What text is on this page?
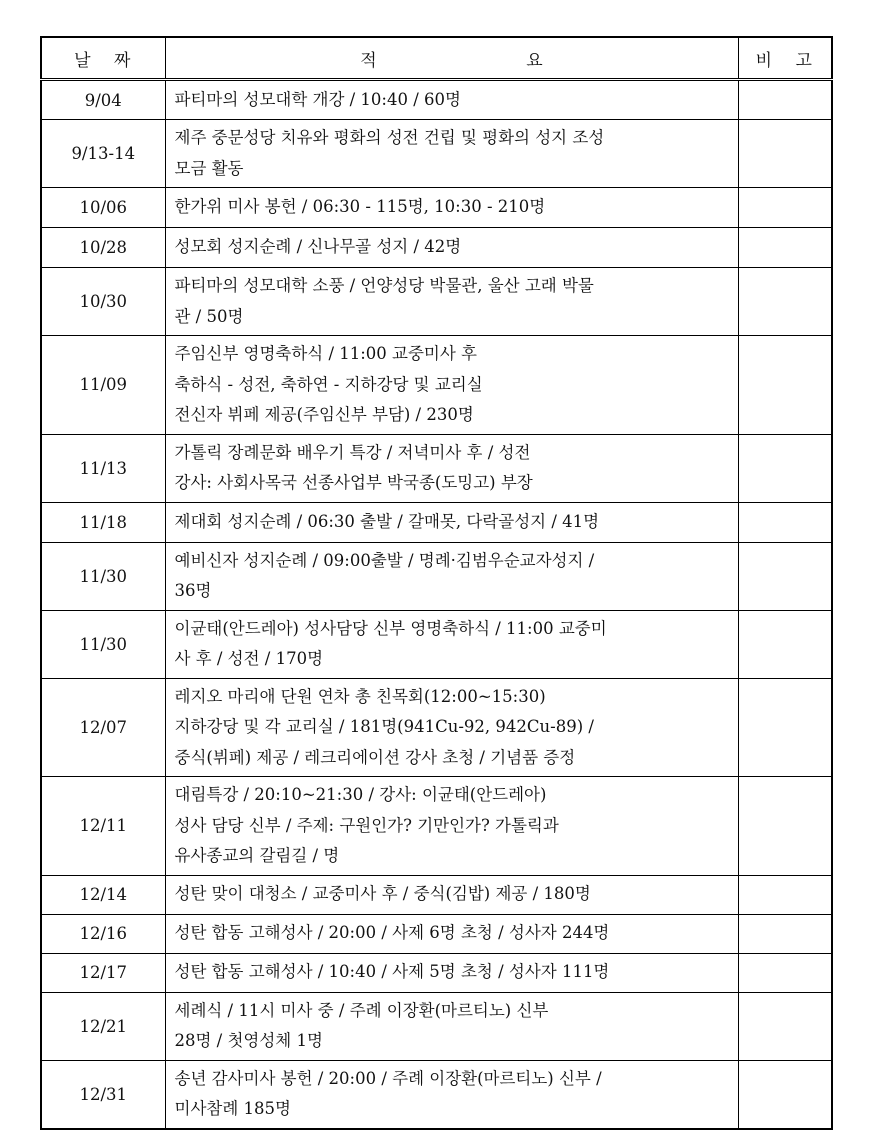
날 짜	적 요	비 고
9/04	파티마의 성모대학 개강 / 10:40 / 60명	

9/13-14	제주 중문성당 치유와 평화의 성전 건립 및 평화의 성지 조성
모금 활동	

10/06	한가위 미사 봉헌 / 06:30 - 115명, 10:30 - 210명	

10/28	성모회 성지순례 / 신나무골 성지 / 42명	

10/30	파티마의 성모대학 소풍 / 언양성당 박물관, 울산 고래 박물
관 / 50명	

11/09	주임신부 영명축하식 / 11:00 교중미사 후
축하식 - 성전, 축하연 - 지하강당 및 교리실
전신자 뷔페 제공(주임신부 부담) / 230명	

11/13	가톨릭 장례문화 배우기 특강 / 저녁미사 후 / 성전
강사: 사회사목국 선종사업부 박국종(도밍고) 부장	

11/18	제대회 성지순례 / 06:30 출발 / 갈매못, 다락골성지 / 41명	

11/30	예비신자 성지순례 / 09:00출발 / 명례·김범우순교자성지 /
36명	

11/30	이균태(안드레아) 성사담당 신부 영명축하식 / 11:00 교중미
사 후 / 성전 / 170명	

12/07	레지오 마리애 단원 연차 총 친목회(12:00~15:30)
지하강당 및 각 교리실 / 181명(941Cu-92, 942Cu-89) /
중식(뷔페) 제공 / 레크리에이션 강사 초청 / 기념품 증정	

12/11	대림특강 / 20:10~21:30 / 강사: 이균태(안드레아)
성사 담당 신부 / 주제: 구원인가? 기만인가? 가톨릭과
유사종교의 갈림길 / 명	

12/14	성탄 맞이 대청소 / 교중미사 후 / 중식(김밥) 제공 / 180명	

12/16	성탄 합동 고해성사 / 20:00 / 사제 6명 초청 / 성사자 244명	

12/17	성탄 합동 고해성사 / 10:40 / 사제 5명 초청 / 성사자 111명	

12/21	세례식 / 11시 미사 중 / 주례 이장환(마르티노) 신부
28명 / 첫영성체 1명	

12/31	송년 감사미사 봉헌 / 20:00 / 주례 이장환(마르티노) 신부 /
미사참례 185명	
